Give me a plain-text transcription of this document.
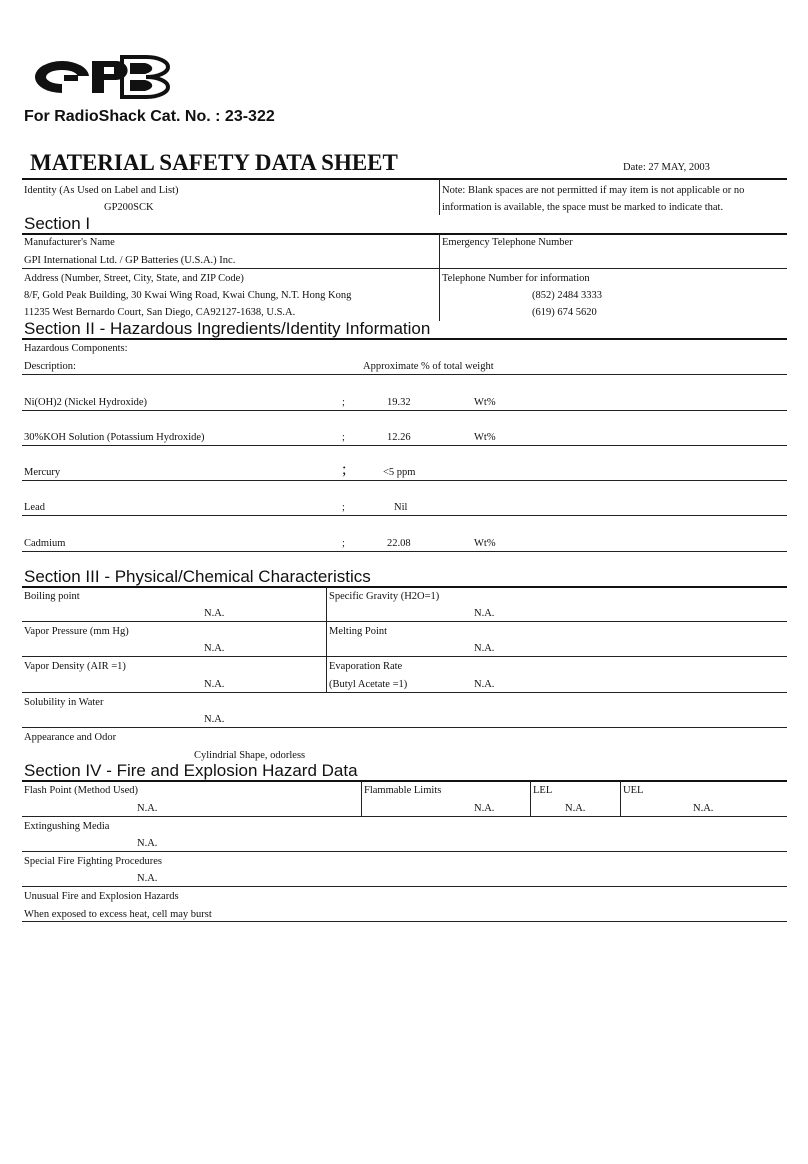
For RadioShack Cat. No. : 23-322
MATERIAL SAFETY DATA SHEET	Date: 27 MAY, 2003
Identity (As Used on Label and List)
GP200SCK
Note: Blank spaces are not permitted if may item is not applicable or no
information is available, the space must be marked to indicate that.
Section I
Manufacturer's Name
GPI International Ltd. / GP Batteries (U.S.A.) Inc.
Emergency Telephone Number
Address (Number, Street, City, State, and ZIP Code)
8/F, Gold Peak Building, 30 Kwai Wing Road, Kwai Chung, N.T. Hong Kong
11235 West Bernardo Court, San Diego, CA92127-1638, U.S.A.
Telephone Number for information
(852) 2484 3333
(619) 674 5620
Section II - Hazardous Ingredients/Identity Information
Hazardous Components:
Description:	Approximate % of total weight
Ni(OH)2 (Nickel Hydroxide)	;	19.32	Wt%
30%KOH Solution (Potassium Hydroxide)	;	12.26	Wt%
Mercury	;	<5 ppm
Lead	;	Nil
Cadmium	;	22.08	Wt%
Section III - Physical/Chemical Characteristics
Boiling point
N.A.
Specific Gravity (H2O=1)
N.A.
Vapor Pressure (mm Hg)
N.A.
Melting Point
N.A.
Vapor Density (AIR =1)
N.A.
Evaporation Rate
(Butyl Acetate =1)	N.A.
Solubility in Water
N.A.
Appearance and Odor
Cylindrial Shape, odorless
Section IV - Fire and Explosion Hazard Data
Flash Point (Method Used)
N.A.
Flammable Limits
N.A.
LEL
N.A.
UEL
N.A.
Extingushing Media
N.A.
Special Fire Fighting Procedures
N.A.
Unusual Fire and Explosion Hazards
When exposed to excess heat, cell may burst
